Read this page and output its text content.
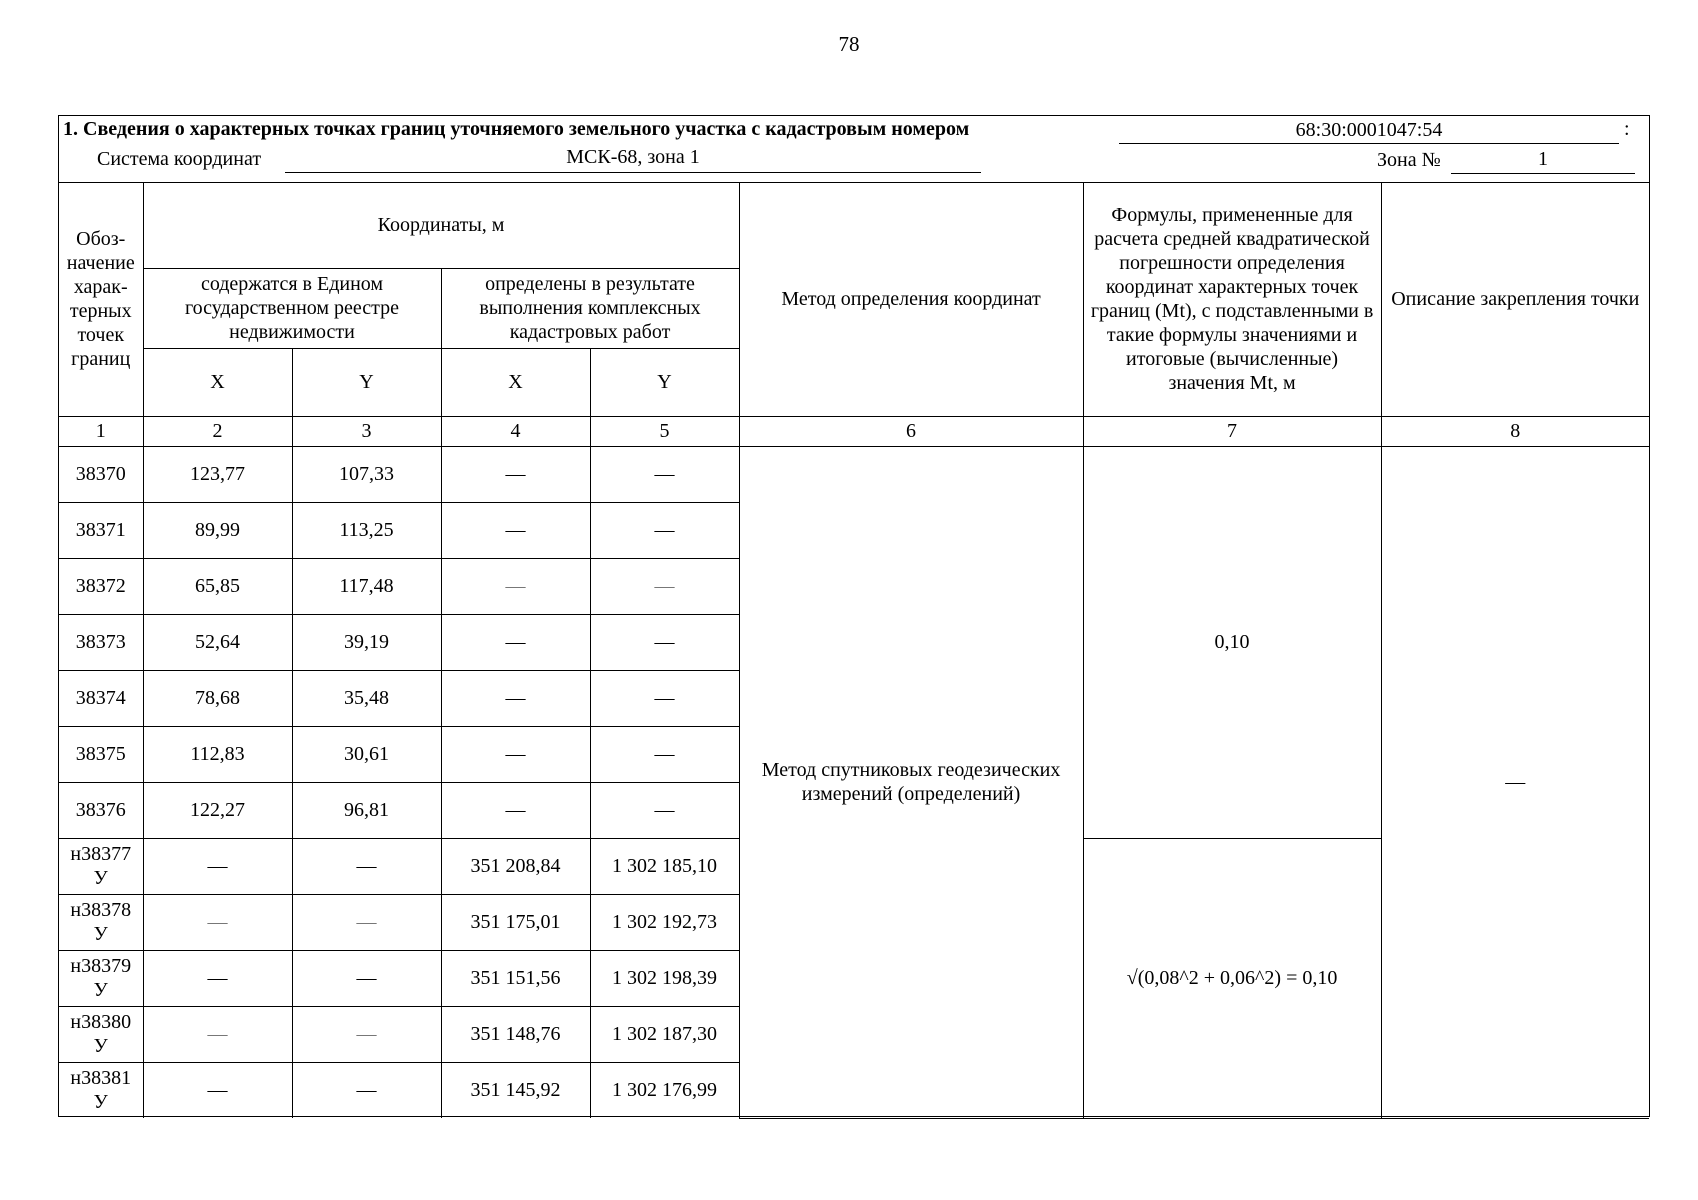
78
1. Сведения о характерных точках границ уточняемого земельного участка с кадастровым номером	68:30:0001047:54	:
Система координат	МСК-68, зона 1	Зона №	1
Обоз-начение харак-терных точек границ	Координаты, м				Метод определения координат	Формулы, примененные для расчета средней квадратической погрешности определения координат характерных точек границ (Mt), с подставленными в такие формулы значениями и итоговые (вычисленные) значения Mt, м	Описание закрепления точки
	содержатся в Едином государственном реестре недвижимости		определены в результате выполнения комплексных кадастровых работ				
	X	Y	X	Y			
1	2	3	4	5	6	7	8
38370	123,77	107,33	—	—	Метод спутниковых геодезических измерений (определений)	0,10	—
38371	89,99	113,25	—	—			
38372	65,85	117,48	—	—			
38373	52,64	39,19	—	—			
38374	78,68	35,48	—	—			
38375	112,83	30,61	—	—			
38376	122,27	96,81	—	—			
н38377 У	—	—	351 208,84	1 302 185,10		√(0,08^2 + 0,06^2) = 0,10	
н38378 У	—	—	351 175,01	1 302 192,73			
н38379 У	—	—	351 151,56	1 302 198,39			
н38380 У	—	—	351 148,76	1 302 187,30			
н38381 У	—	—	351 145,92	1 302 176,99			
